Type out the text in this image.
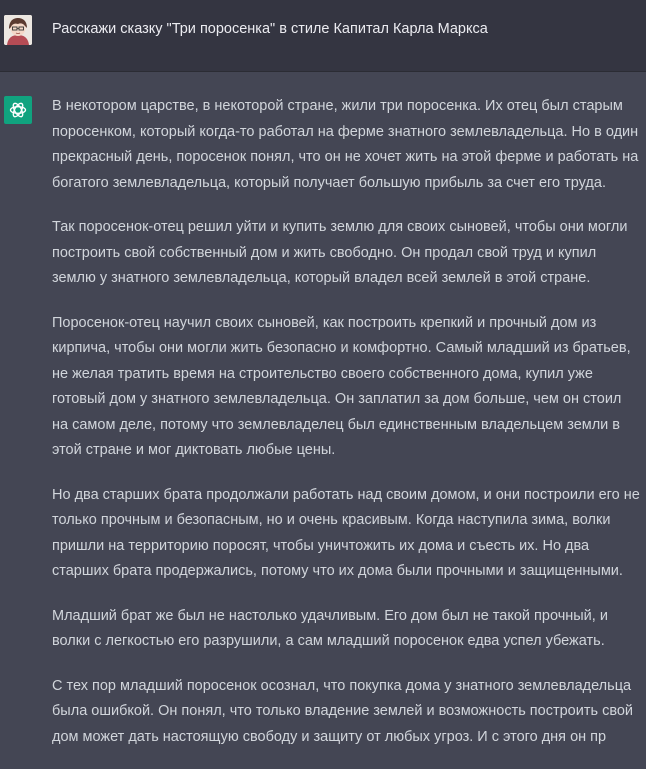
Расскажи сказку "Три поросенка" в стиле Капитал Карла Маркса

В некотором царстве, в некоторой стране, жили три поросенка. Их отец был старым поросенком, который когда-то работал на ферме знатного землевладельца. Но в один прекрасный день, поросенок понял, что он не хочет жить на этой ферме и работать на богатого землевладельца, который получает большую прибыль за счет его труда.

Так поросенок-отец решил уйти и купить землю для своих сыновей, чтобы они могли построить свой собственный дом и жить свободно. Он продал свой труд и купил землю у знатного землевладельца, который владел всей землей в этой стране.

Поросенок-отец научил своих сыновей, как построить крепкий и прочный дом из кирпича, чтобы они могли жить безопасно и комфортно. Самый младший из братьев, не желая тратить время на строительство своего собственного дома, купил уже готовый дом у знатного землевладельца. Он заплатил за дом больше, чем он стоил на самом деле, потому что землевладелец был единственным владельцем земли в этой стране и мог диктовать любые цены.

Но два старших брата продолжали работать над своим домом, и они построили его не только прочным и безопасным, но и очень красивым. Когда наступила зима, волки пришли на территорию поросят, чтобы уничтожить их дома и съесть их. Но два старших брата продержались, потому что их дома были прочными и защищенными.

Младший брат же был не настолько удачливым. Его дом был не такой прочный, и волки с легкостью его разрушили, а сам младший поросенок едва успел убежать.

С тех пор младший поросенок осознал, что покупка дома у знатного землевладельца была ошибкой. Он понял, что только владение землей и возможность построить свой дом может дать настоящую свободу и защиту от любых угроз. И с этого дня он пр
